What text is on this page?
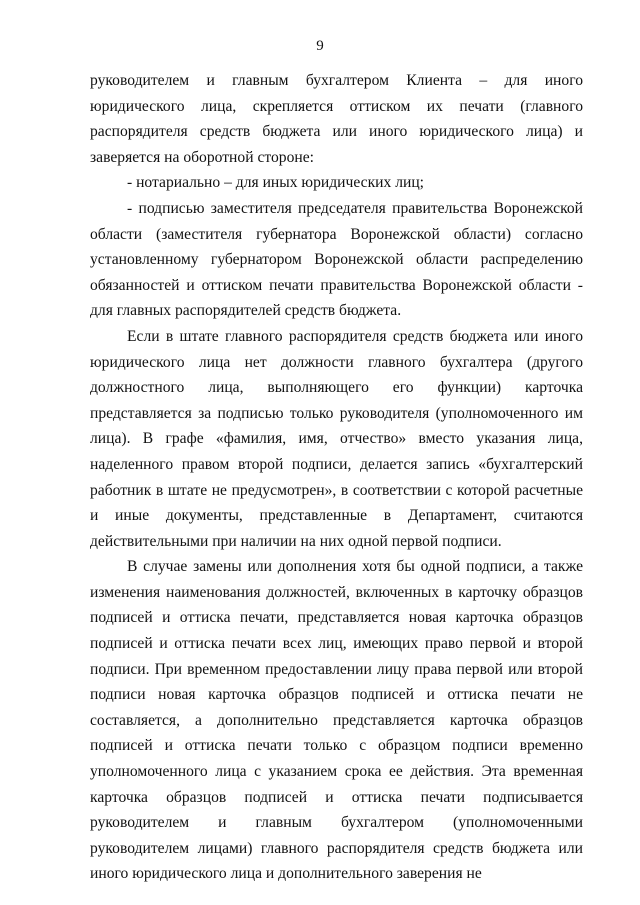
9

руководителем и главным бухгалтером Клиента – для иного юридического лица, скрепляется оттиском их печати (главного распорядителя средств бюджета или иного юридического лица) и заверяется на оборотной стороне:

- нотариально – для иных юридических лиц;

- подписью заместителя председателя правительства Воронежской области (заместителя губернатора Воронежской области) согласно установленному губернатором Воронежской области распределению обязанностей и оттиском печати правительства Воронежской области - для главных распорядителей средств бюджета.

Если в штате главного распорядителя средств бюджета или иного юридического лица нет должности главного бухгалтера (другого должностного лица, выполняющего его функции) карточка представляется за подписью только руководителя (уполномоченного им лица). В графе «фамилия, имя, отчество» вместо указания лица, наделенного правом второй подписи, делается запись «бухгалтерский работник в штате не предусмотрен», в соответствии с которой расчетные и иные документы, представленные в Департамент, считаются действительными при наличии на них одной первой подписи.

В случае замены или дополнения хотя бы одной подписи, а также изменения наименования должностей, включенных в карточку образцов подписей и оттиска печати, представляется новая карточка образцов подписей и оттиска печати всех лиц, имеющих право первой и второй подписи. При временном предоставлении лицу права первой или второй подписи новая карточка образцов подписей и оттиска печати не составляется, а дополнительно представляется карточка образцов подписей и оттиска печати только с образцом подписи временно уполномоченного лица с указанием срока ее действия. Эта временная карточка образцов подписей и оттиска печати подписывается руководителем и главным бухгалтером (уполномоченными руководителем лицами) главного распорядителя средств бюджета или иного юридического лица и дополнительного заверения не
